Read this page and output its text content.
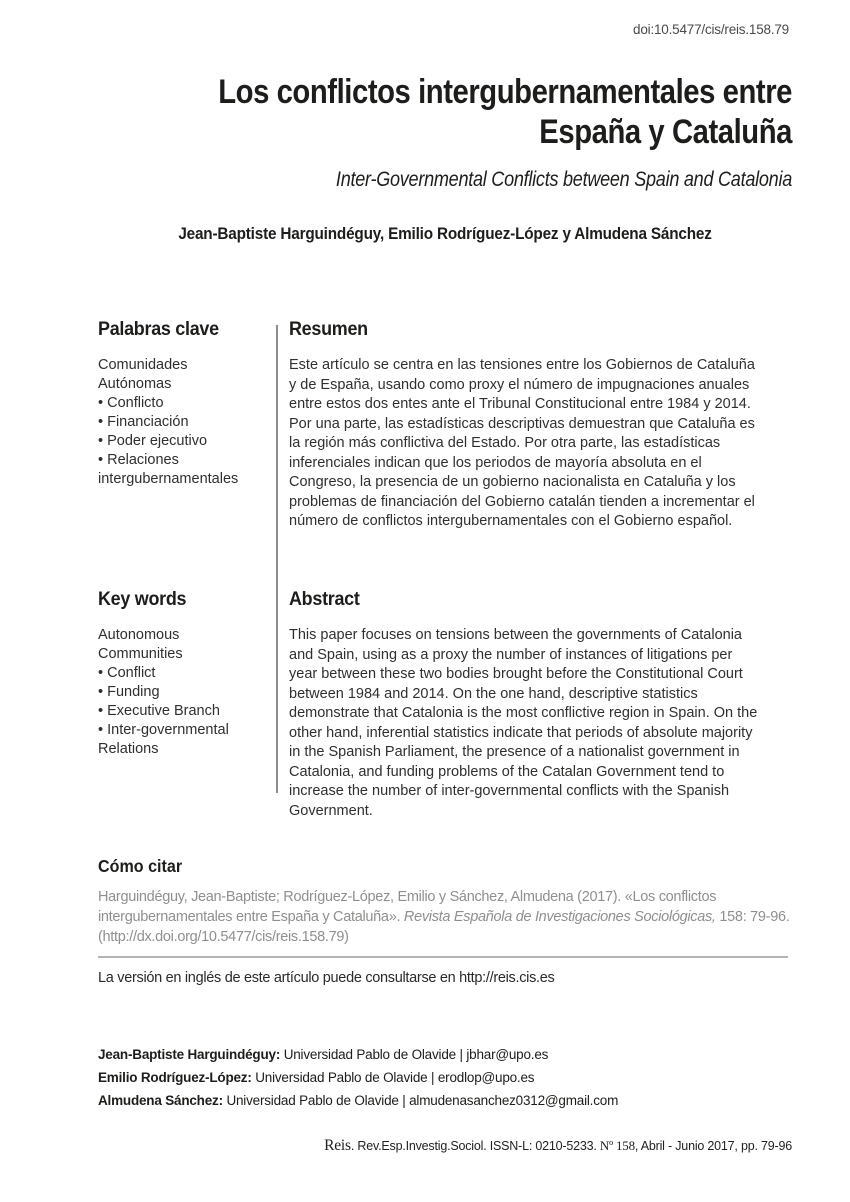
doi:10.5477/cis/reis.158.79
Los conflictos intergubernamentales entre
España y Cataluña
Inter-Governmental Conflicts between Spain and Catalonia
Jean-Baptiste Harguindéguy, Emilio Rodríguez-López y Almudena Sánchez
Palabras clave
Comunidades Autónomas
• Conflicto
• Financiación
• Poder ejecutivo
• Relaciones intergubernamentales
Resumen

Este artículo se centra en las tensiones entre los Gobiernos de Cataluña y de España, usando como proxy el número de impugnaciones anuales entre estos dos entes ante el Tribunal Constitucional entre 1984 y 2014. Por una parte, las estadísticas descriptivas demuestran que Cataluña es la región más conflictiva del Estado. Por otra parte, las estadísticas inferenciales indican que los periodos de mayoría absoluta en el Congreso, la presencia de un gobierno nacionalista en Cataluña y los problemas de financiación del Gobierno catalán tienden a incrementar el número de conflictos intergubernamentales con el Gobierno español.

Key words
Autonomous Communities
• Conflict
• Funding
• Executive Branch
• Inter-governmental Relations
Abstract

This paper focuses on tensions between the governments of Catalonia and Spain, using as a proxy the number of instances of litigations per year between these two bodies brought before the Constitutional Court between 1984 and 2014. On the one hand, descriptive statistics demonstrate that Catalonia is the most conflictive region in Spain. On the other hand, inferential statistics indicate that periods of absolute majority in the Spanish Parliament, the presence of a nationalist government in Catalonia, and funding problems of the Catalan Government tend to increase the number of inter-governmental conflicts with the Spanish Government.

Cómo citar

Harguindéguy, Jean-Baptiste; Rodríguez-López, Emilio y Sánchez, Almudena (2017). «Los conflictos intergubernamentales entre España y Cataluña». Revista Española de Investigaciones Sociológicas, 158: 79-96. (http://dx.doi.org/10.5477/cis/reis.158.79)

La versión en inglés de este artículo puede consultarse en http://reis.cis.es
Jean-Baptiste Harguindéguy: Universidad Pablo de Olavide | jbhar@upo.es
Emilio Rodríguez-López: Universidad Pablo de Olavide | erodlop@upo.es
Almudena Sánchez: Universidad Pablo de Olavide | almudenasanchez0312@gmail.com
Reis. Rev.Esp.Investig.Sociol. ISSN-L: 0210-5233. Nº 158, Abril - Junio 2017, pp. 79-96
